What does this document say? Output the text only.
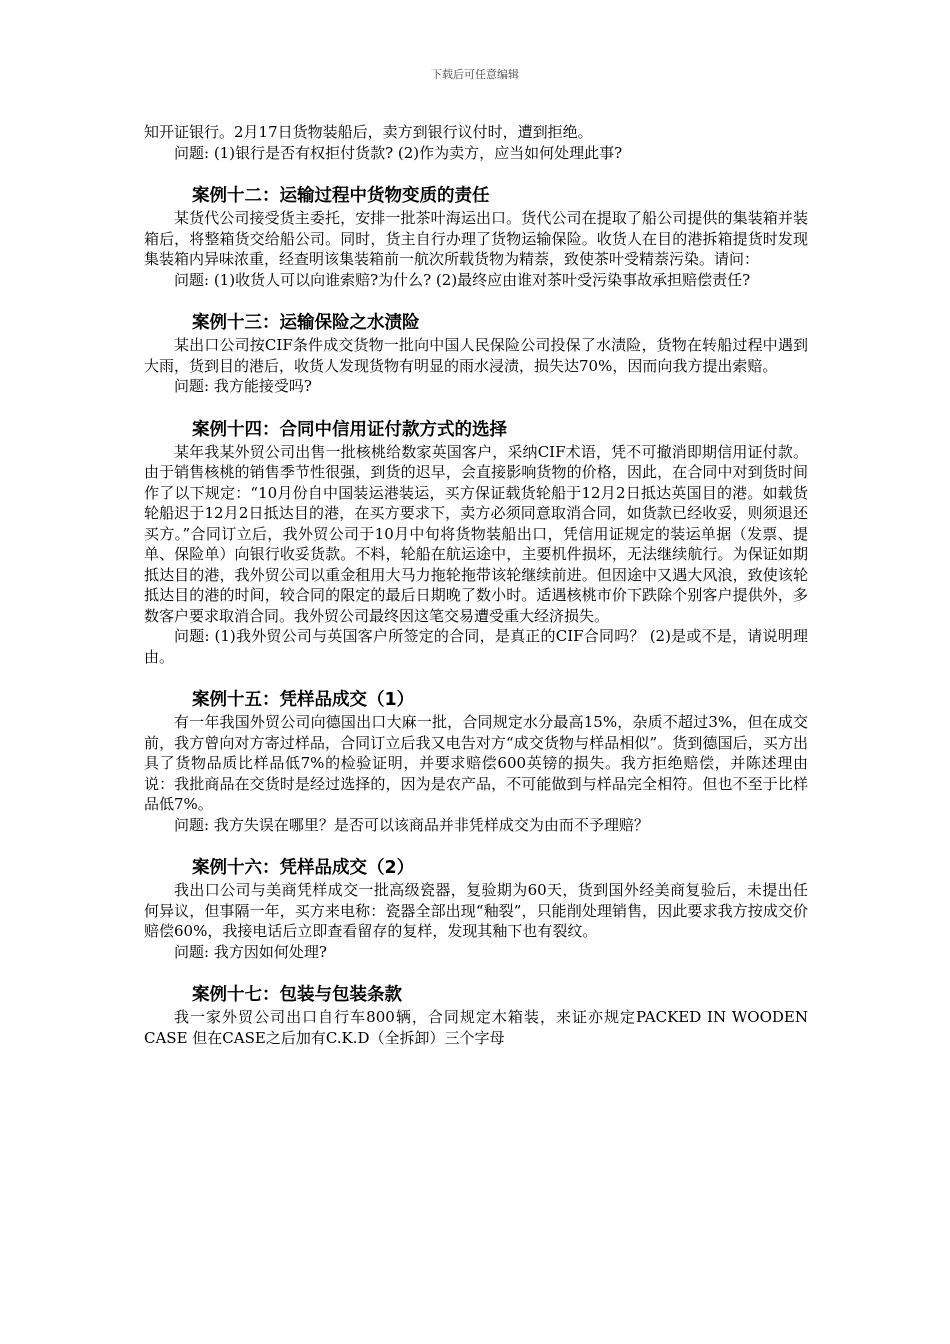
下载后可任意编辑

知开证银行。2月17日货物装船后，卖方到银行议付时，遭到拒绝。

问题: (1)银行是否有权拒付货款? (2)作为卖方，应当如何处理此事?

案例十二：运输过程中货物变质的责任

某货代公司接受货主委托，安排一批茶叶海运出口。货代公司在提取了船公司提供的集装箱并装箱后，将整箱货交给船公司。同时，货主自行办理了货物运输保险。收货人在目的港拆箱提货时发现集装箱内异味浓重，经查明该集装箱前一航次所载货物为精萘，致使茶叶受精萘污染。请问：

问题: (1)收货人可以向谁索赔?为什么? (2)最终应由谁对茶叶受污染事故承担赔偿责任?

案例十三：运输保险之水渍险

某出口公司按CIF条件成交货物一批向中国人民保险公司投保了水渍险，货物在转船过程中遇到大雨，货到目的港后，收货人发现货物有明显的雨水浸渍，损失达70%，因而向我方提出索赔。

问题: 我方能接受吗?

案例十四：合同中信用证付款方式的选择

某年我某外贸公司出售一批核桃给数家英国客户，采纳CIF术语，凭不可撤消即期信用证付款。由于销售核桃的销售季节性很强，到货的迟早，会直接影响货物的价格，因此，在合同中对到货时间作了以下规定：“10月份自中国装运港装运，买方保证载货轮船于12月2日抵达英国目的港。如载货轮船迟于12月2日抵达目的港，在买方要求下，卖方必须同意取消合同，如货款已经收妥，则须退还买方。”合同订立后，我外贸公司于10月中旬将货物装船出口，凭信用证规定的装运单据（发票、提单、保险单）向银行收妥货款。不料，轮船在航运途中，主要机件损坏，无法继续航行。为保证如期抵达目的港，我外贸公司以重金租用大马力拖轮拖带该轮继续前进。但因途中又遇大风浪，致使该轮抵达目的港的时间，较合同的限定的最后日期晚了数小时。适遇核桃市价下跌除个别客户提供外，多数客户要求取消合同。我外贸公司最终因这笔交易遭受重大经济损失。

问题: (1)我外贸公司与英国客户所签定的合同，是真正的CIF合同吗？ (2)是或不是，请说明理由。

案例十五：凭样品成交（1）

有一年我国外贸公司向德国出口大麻一批，合同规定水分最高15%，杂质不超过3%，但在成交前，我方曾向对方寄过样品，合同订立后我又电告对方“成交货物与样品相似”。货到德国后，买方出具了货物品质比样品低7%的检验证明，并要求赔偿600英镑的损失。我方拒绝赔偿，并陈述理由说：我批商品在交货时是经过选择的，因为是农产品，不可能做到与样品完全相符。但也不至于比样品低7%。

问题: 我方失误在哪里？是否可以该商品并非凭样成交为由而不予理赔？

案例十六：凭样品成交（2）

我出口公司与美商凭样成交一批高级瓷器，复验期为60天，货到国外经美商复验后，未提出任何异议，但事隔一年，买方来电称：瓷器全部出现“釉裂”，只能削处理销售，因此要求我方按成交价赔偿60%，我接电话后立即查看留存的复样，发现其釉下也有裂纹。

问题: 我方因如何处理?

案例十七：包装与包装条款

我一家外贸公司出口自行车800辆，合同规定木箱装，来证亦规定PACKED IN WOODEN CASE 但在CASE之后加有C.K.D（全拆卸）三个字母
